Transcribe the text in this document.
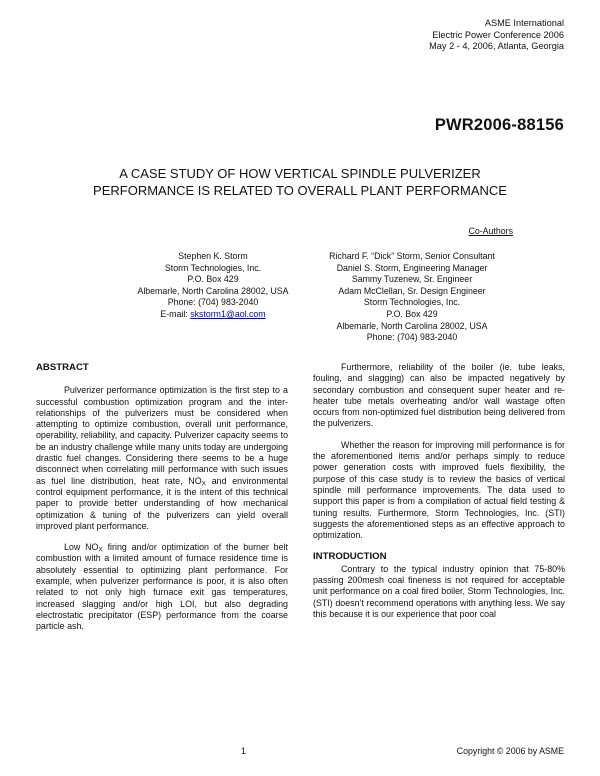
ASME International
Electric Power Conference 2006
May 2 - 4, 2006, Atlanta, Georgia
PWR2006-88156
A CASE STUDY OF HOW VERTICAL SPINDLE PULVERIZER
PERFORMANCE IS RELATED TO OVERALL PLANT PERFORMANCE
Stephen K. Storm
Storm Technologies, Inc.
P.O. Box 429
Albemarle, North Carolina 28002, USA
Phone: (704) 983-2040
E-mail: skstorm1@aol.com
Co-Authors
Richard F. “Dick” Storm, Senior Consultant
Daniel S. Storm, Engineering Manager
Sammy Tuzenew, Sr. Engineer
Adam McClellan, Sr. Design Engineer
Storm Technologies, Inc.
P.O. Box 429
Albemarle, North Carolina 28002, USA
Phone: (704) 983-2040
ABSTRACT

Pulverizer performance optimization is the first step to a successful combustion optimization program and the inter-relationships of the pulverizers must be considered when attempting to optimize combustion, overall unit performance, operability, reliability, and capacity. Pulverizer capacity seems to be an industry challenge while many units today are undergoing drastic fuel changes. Considering there seems to be a huge disconnect when correlating mill performance with such issues as fuel line distribution, heat rate, $NO_X$ and environmental control equipment performance, it is the intent of this technical paper to provide better understanding of how mechanical optimization & tuning of the pulverizers can yield overall improved plant performance.

Low $NO_X$ firing and/or optimization of the burner belt combustion with a limited amount of furnace residence time is absolutely essential to optimizing plant performance. For example, when pulverizer performance is poor, it is also often related to not only high furnace exit gas temperatures, increased slagging and/or high LOI, but also degrading electrostatic precipitator (ESP) performance from the coarse particle ash.

Furthermore, reliability of the boiler (ie. tube leaks, fouling, and slagging) can also be impacted negatively by secondary combustion and consequent super heater and re-heater tube metals overheating and/or wall wastage often occurs from non-optimized fuel distribution being delivered from the pulverizers.

Whether the reason for improving mill performance is for the aforementioned items and/or perhaps simply to reduce power generation costs with improved fuels flexibility, the purpose of this case study is to review the basics of vertical spindle mill performance improvements. The data used to support this paper is from a compilation of actual field testing & tuning results. Furthermore, Storm Technologies, Inc. (STI) suggests the aforementioned steps as an effective approach to optimization.

INTRODUCTION

Contrary to the typical industry opinion that 75-80% passing 200mesh coal fineness is not required for acceptable unit performance on a coal fired boiler, Storm Technologies, Inc. (STI) doesn’t recommend operations with anything less. We say this because it is our experience that poor coal

1	Copyright © 2006 by ASME
